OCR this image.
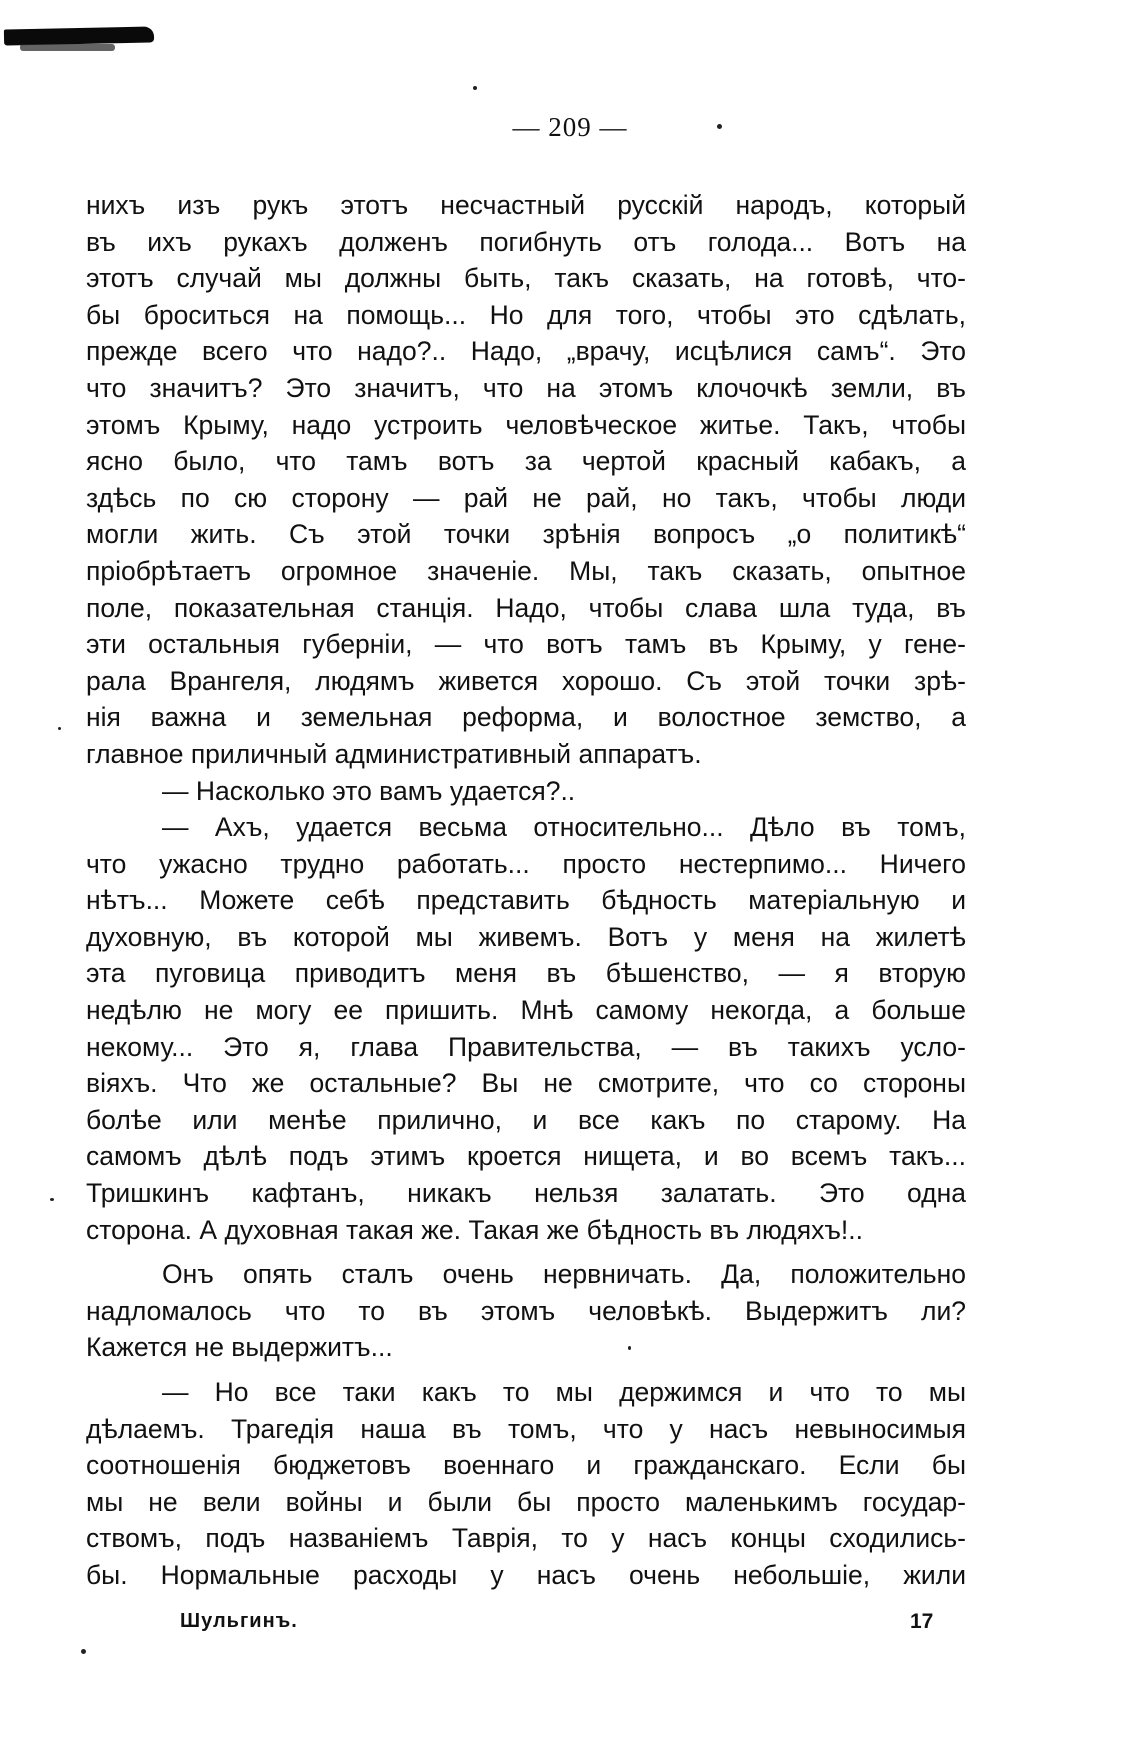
— 209 —
нихъ изъ рукъ этотъ несчастный русскій народъ, который
въ ихъ рукахъ долженъ погибнуть отъ голода... Вотъ на
этотъ случай мы должны быть, такъ сказать, на готовѣ, что-
бы броситься на помощь... Но для того, чтобы это сдѣлать,
прежде всего что надо?.. Надо, „врачу, исцѣлися самъ“. Это
что значитъ? Это значитъ, что на этомъ клочочкѣ земли, въ
этомъ Крыму, надо устроить человѣческое житье. Такъ, чтобы
ясно было, что тамъ вотъ за чертой красный кабакъ, а
здѣсь по сю сторону — рай не рай, но такъ, чтобы люди
могли жить. Съ этой точки зрѣнія вопросъ „о политикѣ“
пріобрѣтаетъ огромное значеніе. Мы, такъ сказать, опытное
поле, показательная станція. Надо, чтобы слава шла туда, въ
эти остальныя губерніи, — что вотъ тамъ въ Крыму, у гене-
рала Врангеля, людямъ живется хорошо. Съ этой точки зрѣ-
нія важна и земельная реформа, и волостное земство, а
главное приличный административный аппаратъ.
— Насколько это вамъ удается?..
— Ахъ, удается весьма относительно... Дѣло въ томъ,
что ужасно трудно работать... просто нестерпимо... Ничего
нѣтъ... Можете себѣ представить бѣдность матеріальную и
духовную, въ которой мы живемъ. Вотъ у меня на жилетѣ
эта пуговица приводитъ меня въ бѣшенство, — я вторую
недѣлю не могу ее пришить. Мнѣ самому некогда, а больше
некому... Это я, глава Правительства, — въ такихъ усло-
віяхъ. Что же остальные? Вы не смотрите, что со стороны
болѣе или менѣе прилично, и все какъ по старому. На
самомъ дѣлѣ подъ этимъ кроется нищета, и во всемъ такъ...
Тришкинъ кафтанъ, никакъ нельзя залатать. Это одна
сторона. А духовная такая же. Такая же бѣдность въ людяхъ!..
Онъ опять сталъ очень нервничать. Да, положительно
надломалось что то въ этомъ человѣкѣ. Выдержитъ ли?
Кажется не выдержитъ...
— Но все таки какъ то мы держимся и что то мы
дѣлаемъ. Трагедія наша въ томъ, что у насъ невыносимыя
соотношенія бюджетовъ военнаго и гражданскаго. Если бы
мы не вели войны и были бы просто маленькимъ государ-
ствомъ, подъ названіемъ Таврія, то у насъ концы сходились-
бы. Нормальные расходы у насъ очень небольшіе, жили
Шульгинъ.	17
